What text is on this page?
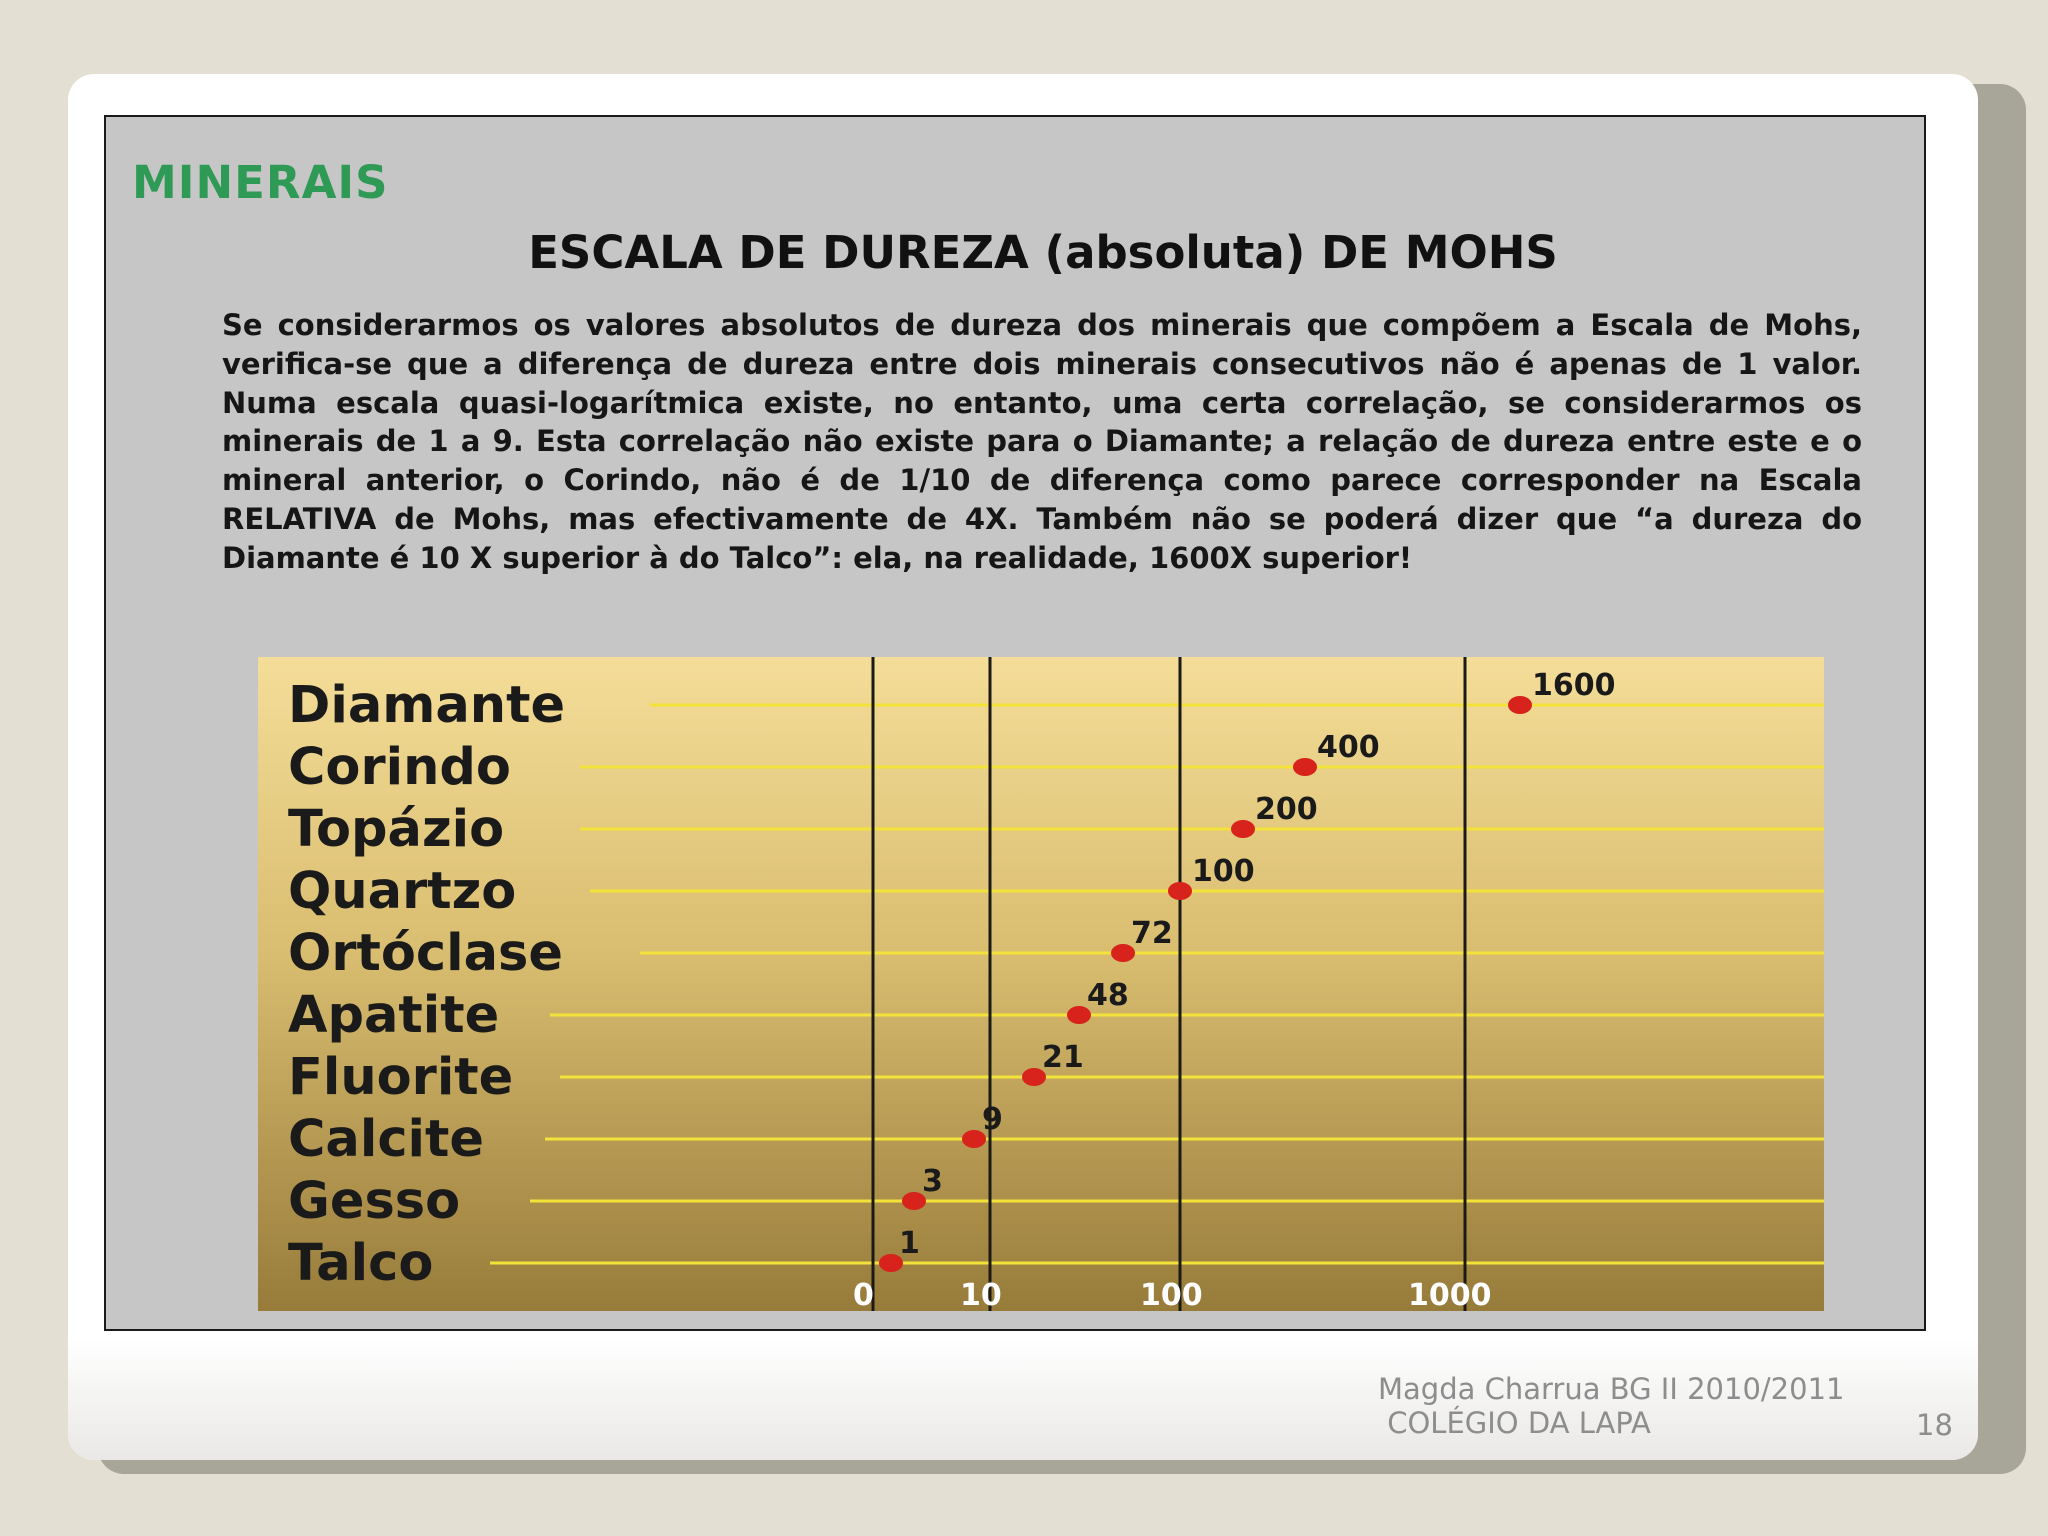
MINERAIS
ESCALA DE DUREZA (absoluta) DE MOHS

Se considerarmos os valores absolutos de dureza dos minerais que compõem a Escala de Mohs, verifica-se que a diferença de dureza entre dois minerais consecutivos não é apenas de 1 valor. Numa escala quasi-logarítmica existe, no entanto, uma certa correlação, se considerarmos os minerais de 1 a 9. Esta correlação não existe para o Diamante; a relação de dureza entre este e o mineral anterior, o Corindo, não é de 1/10 de diferença como parece corresponder na Escala RELATIVA de Mohs, mas efectivamente de 4X. Também não se poderá dizer que “a dureza do Diamante é 10 X superior à do Talco”: ela, na realidade, 1600X superior!

Diamante
Corindo
Topázio
Quartzo
Ortóclase
Apatite
Fluorite
Calcite
Gesso
Talco
1600
400
200
100
72
48
21
9
3
1
0	10	100	1000
Magda Charrua BG II 2010/2011
COLÉGIO DA LAPA	18
